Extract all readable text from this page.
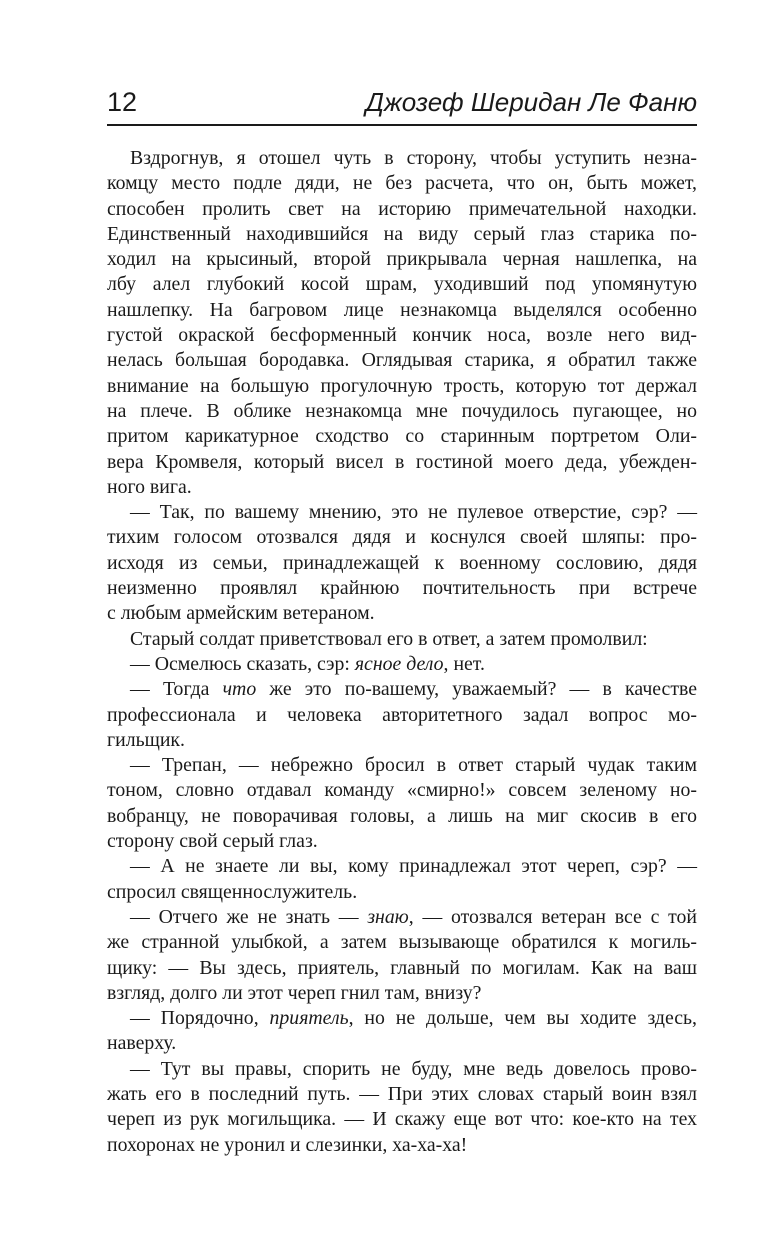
12	Джозеф Шеридан Ле Фаню
Вздрогнув, я отошел чуть в сторону, чтобы уступить незна-
комцу место подле дяди, не без расчета, что он, быть может,
способен пролить свет на историю примечательной находки.
Единственный находившийся на виду серый глаз старика по-
ходил на крысиный, второй прикрывала черная нашлепка, на
лбу алел глубокий косой шрам, уходивший под упомянутую
нашлепку. На багровом лице незнакомца выделялся особенно
густой окраской бесформенный кончик носа, возле него вид-
нелась большая бородавка. Оглядывая старика, я обратил также
внимание на большую прогулочную трость, которую тот держал
на плече. В облике незнакомца мне почудилось пугающее, но
притом карикатурное сходство со старинным портретом Оли-
вера Кромвеля, который висел в гостиной моего деда, убежден-
ного вига.
— Так, по вашему мнению, это не пулевое отверстие, сэр? —
тихим голосом отозвался дядя и коснулся своей шляпы: про-
исходя из семьи, принадлежащей к военному сословию, дядя
неизменно проявлял крайнюю почтительность при встрече
с любым армейским ветераном.
Старый солдат приветствовал его в ответ, а затем промолвил:
— Осмелюсь сказать, сэр: ясное дело, нет.
— Тогда что же это по-вашему, уважаемый? — в качестве
профессионала и человека авторитетного задал вопрос мо-
гильщик.
— Трепан, — небрежно бросил в ответ старый чудак таким
тоном, словно отдавал команду «смирно!» совсем зеленому но-
вобранцу, не поворачивая головы, а лишь на миг скосив в его
сторону свой серый глаз.
— А не знаете ли вы, кому принадлежал этот череп, сэр? —
спросил священнослужитель.
— Отчего же не знать — знаю, — отозвался ветеран все с той
же странной улыбкой, а затем вызывающе обратился к могиль-
щику: — Вы здесь, приятель, главный по могилам. Как на ваш
взгляд, долго ли этот череп гнил там, внизу?
— Порядочно, приятель, но не дольше, чем вы ходите здесь,
наверху.
— Тут вы правы, спорить не буду, мне ведь довелось прово-
жать его в последний путь. — При этих словах старый воин взял
череп из рук могильщика. — И скажу еще вот что: кое-кто на тех
похоронах не уронил и слезинки, ха-ха-ха!
